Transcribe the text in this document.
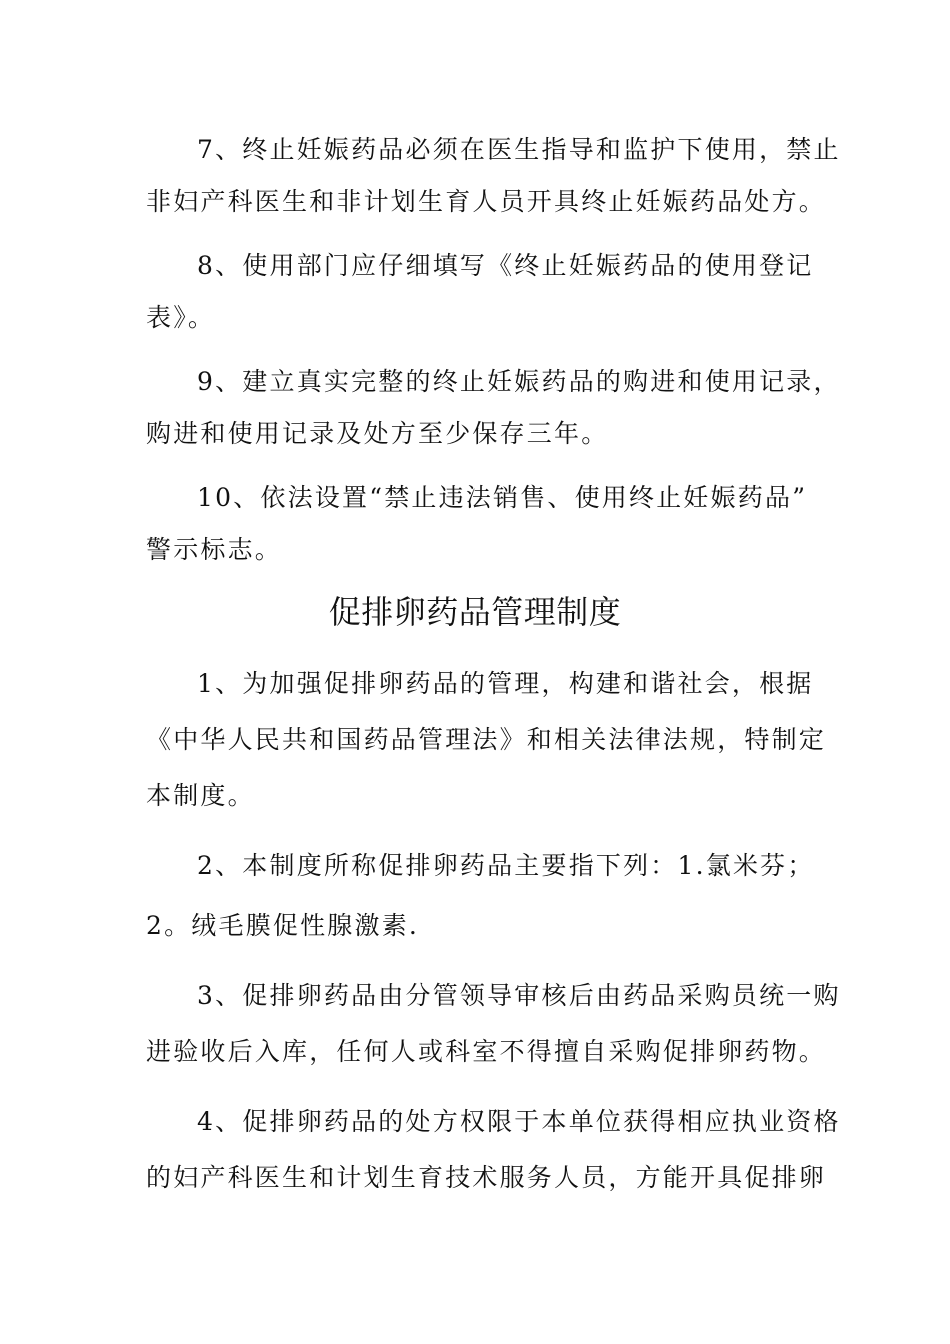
7、终止妊娠药品必须在医生指导和监护下使用，禁止
非妇产科医生和非计划生育人员开具终止妊娠药品处方。
8、使用部门应仔细填写《终止妊娠药品的使用登记
表》。
9、建立真实完整的终止妊娠药品的购进和使用记录，
购进和使用记录及处方至少保存三年。
10、依法设置“禁止违法销售、使用终止妊娠药品”
警示标志。
促排卵药品管理制度
1、为加强促排卵药品的管理，构建和谐社会，根据
《中华人民共和国药品管理法》和相关法律法规，特制定
本制度。
2、本制度所称促排卵药品主要指下列：1.氯米芬；
2。绒毛膜促性腺激素.
3、促排卵药品由分管领导审核后由药品采购员统一购
进验收后入库，任何人或科室不得擅自采购促排卵药物。
4、促排卵药品的处方权限于本单位获得相应执业资格
的妇产科医生和计划生育技术服务人员，方能开具促排卵
